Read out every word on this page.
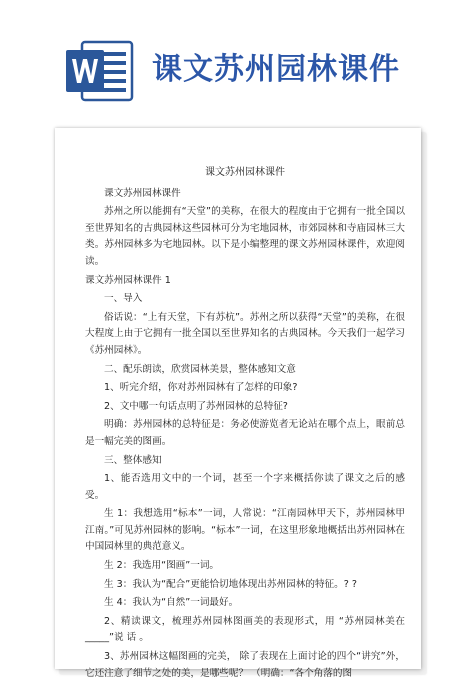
课文苏州园林课件
课文苏州园林课件
课文苏州园林课件
苏州之所以能拥有“天堂”的美称，在很大的程度由于它拥有一批全国以至世界知名的古典园林这些园林可分为宅地园林，市郊园林和寺庙园林三大类。苏州园林多为宅地园林。以下是小编整理的课文苏州园林课件，欢迎阅读。
课文苏州园林课件 1
一、导入
俗话说：“上有天堂，下有苏杭”。苏州之所以获得“天堂”的美称，在很大程度上由于它拥有一批全国以至世界知名的古典园林。今天我们一起学习《苏州园林》。
二、配乐朗读，欣赏园林美景，整体感知文意
1、听完介绍，你对苏州园林有了怎样的印象?
2、文中哪一句话点明了苏州园林的总特征?
明确：苏州园林的总特征是：务必使游览者无论站在哪个点上，眼前总是一幅完美的图画。
三、整体感知
1、能否选用文中的一个词，甚至一个字来概括你读了课文之后的感受。
生 1：我想选用“标本”一词，人常说：“江南园林甲天下，苏州园林甲江南。”可见苏州园林的影响。“标本”一词，在这里形象地概括出苏州园林在中国园林里的典范意义。
生 2：我选用“图画”一词。
生 3：我认为“配合”更能恰切地体现出苏州园林的特征。? ?
生 4：我认为“自然”一词最好。
2、精读课文，梳理苏州园林图画美的表现形式，用 “苏州园林美在 _____”说 话 。
3、苏州园林这幅图画的完美， 除了表现在上面讨论的四个“讲究”外，它还注意了细节之处的美，是哪些呢？ （明确：“各个角落的图
